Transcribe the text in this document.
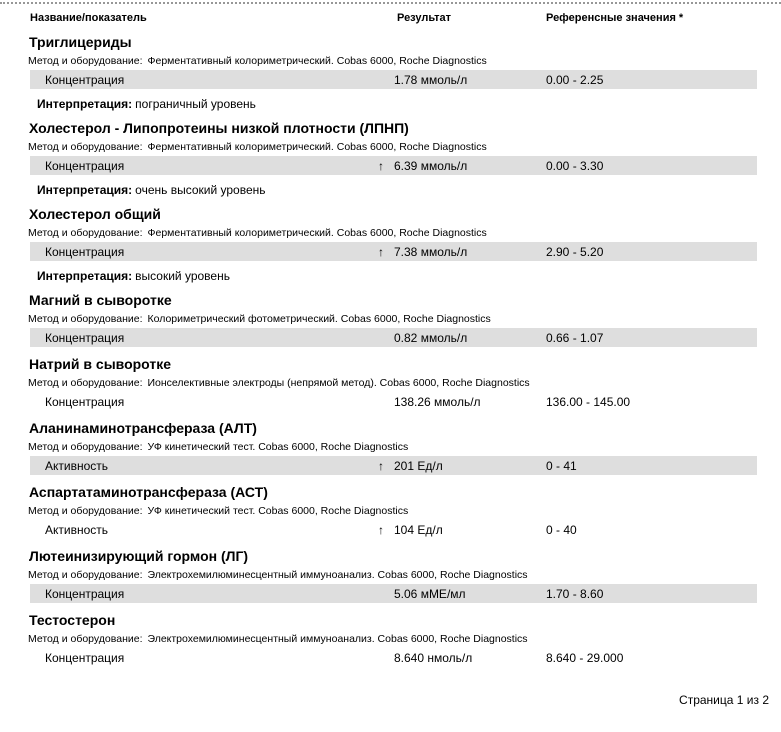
Название/показатель	Результат	Референсные значения *
Триглицериды
Метод и оборудование: Ферментативный колориметрический. Cobas 6000, Roche Diagnostics
Концентрация	1.78 ммоль/л	0.00 - 2.25
Интерпретация: пограничный уровень
Холестерол - Липопротеины низкой плотности (ЛПНП)
Метод и оборудование: Ферментативный колориметрический. Cobas 6000, Roche Diagnostics
Концентрация	↑ 6.39 ммоль/л	0.00 - 3.30
Интерпретация: очень высокий уровень
Холестерол общий
Метод и оборудование: Ферментативный колориметрический. Cobas 6000, Roche Diagnostics
Концентрация	↑ 7.38 ммоль/л	2.90 - 5.20
Интерпретация: высокий уровень
Магний в сыворотке
Метод и оборудование: Колориметрический фотометрический. Cobas 6000, Roche Diagnostics
Концентрация	0.82 ммоль/л	0.66 - 1.07
Натрий в сыворотке
Метод и оборудование: Ионселективные электроды (непрямой метод). Cobas 6000, Roche Diagnostics
Концентрация	138.26 ммоль/л	136.00 - 145.00
Аланинаминотрансфераза (АЛТ)
Метод и оборудование: УФ кинетический тест. Cobas 6000, Roche Diagnostics
Активность	↑ 201 Ед/л	0 - 41
Аспартатаминотрансфераза (АСТ)
Метод и оборудование: УФ кинетический тест. Cobas 6000, Roche Diagnostics
Активность	↑ 104 Ед/л	0 - 40
Лютеинизирующий гормон (ЛГ)
Метод и оборудование: Электрохемилюминесцентный иммуноанализ. Cobas 6000, Roche Diagnostics
Концентрация	5.06 мМЕ/мл	1.70 - 8.60
Тестостерон
Метод и оборудование: Электрохемилюминесцентный иммуноанализ. Cobas 6000, Roche Diagnostics
Концентрация	8.640 нмоль/л	8.640 - 29.000
Страница 1 из 2
